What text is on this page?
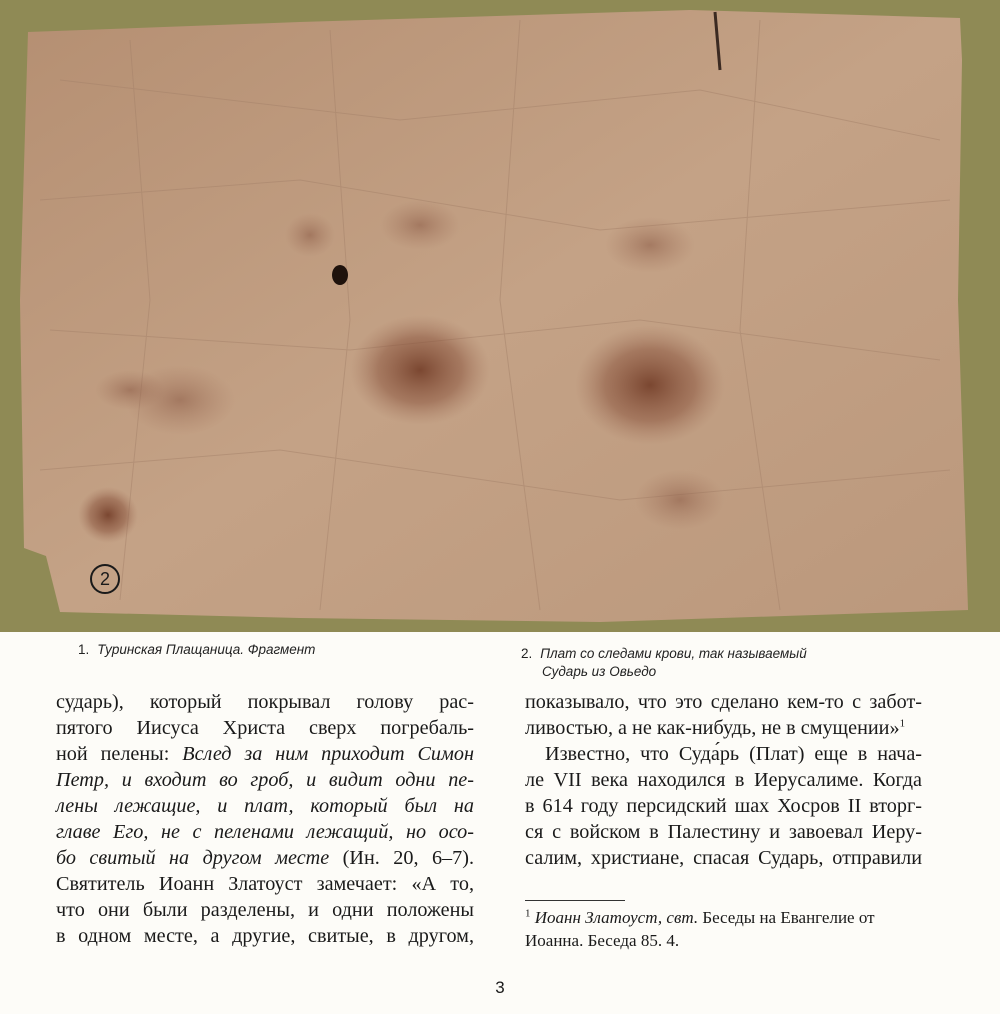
2
1. Туринская Плащаница. Фрагмент	2. Плат со следами крови, так называемый
Сударь из Овьедо
сударь), который покрывал голову рас-
пятого Иисуса Христа сверх погребаль-
ной пелены: Вслед за ним приходит Симон
Петр, и входит во гроб, и видит одни пе-
лены лежащие, и плат, который был на
главе Его, не с пеленами лежащий, но осо-
бо свитый на другом месте (Ин. 20, 6–7).
Святитель Иоанн Златоуст замечает: «А то,
что они были разделены, и одни положены
в одном месте, а другие, свитые, в другом,
показывало, что это сделано кем-то с забот-
ливостью, а не как-нибудь, не в смущении»$^1$
Известно, что Суда́рь (Плат) еще в нача-
ле VII века находился в Иерусалиме. Когда
в 614 году персидский шах Хосров II вторг-
ся с войском в Палестину и завоевал Иеру-
салим, христиане, спасая Сударь, отправили
$^1$ Иоанн Златоуст, свт. Беседы на Евангелие от
Иоанна. Беседа 85. 4.
3
